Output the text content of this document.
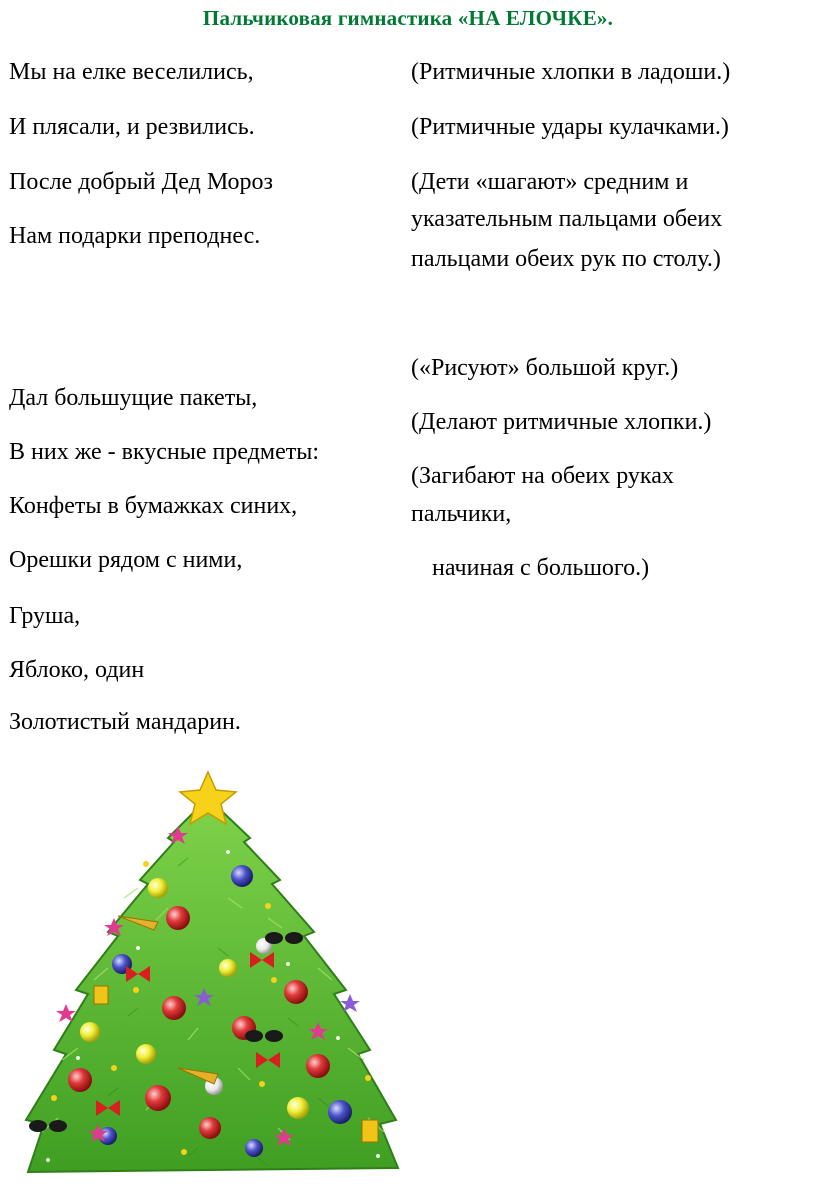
Пальчиковая гимнастика «НА ЕЛОЧКЕ».
Мы на елке веселились,
И плясали, и резвились.
После добрый Дед Мороз
Нам подарки преподнес.
Дал большущие пакеты,
В них же - вкусные предметы:
Конфеты в бумажках синих,
Орешки рядом с ними,
Груша,
Яблоко, один
Золотистый мандарин.
(Ритмичные хлопки в ладоши.)
(Ритмичные удары кулачками.)
(Дети «шагают» средним и
указательным пальцами обеих
пальцами обеих рук по столу.)
(«Рисуют» большой круг.)
(Делают ритмичные хлопки.)
(Загибают на обеих руках
пальчики,
начиная с большого.)
